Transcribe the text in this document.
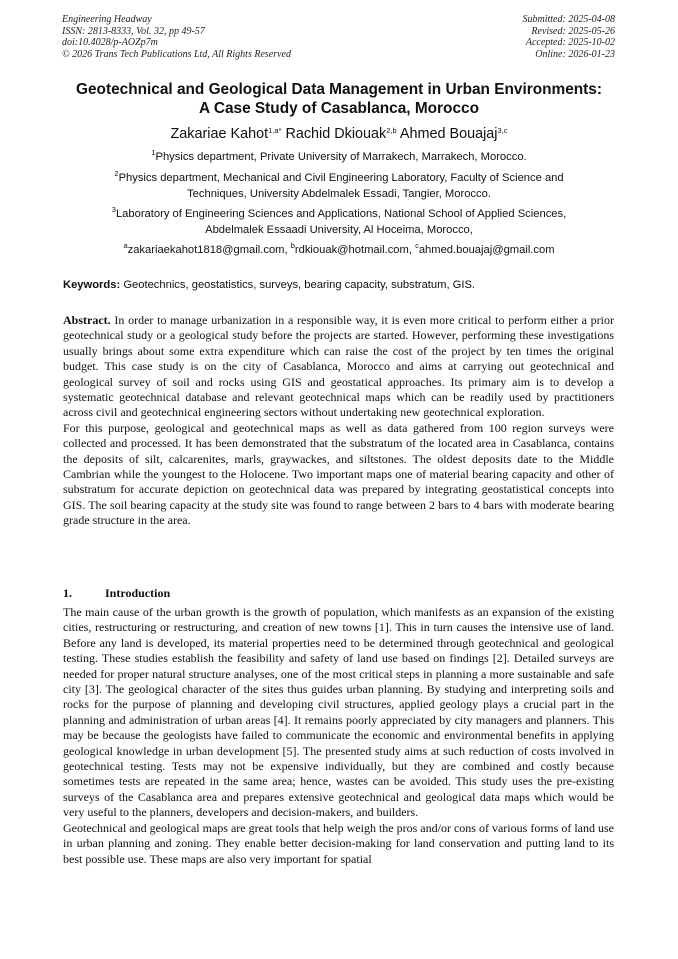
Engineering Headway
ISSN: 2813-8333, Vol. 32, pp 49-57
doi:10.4028/p-AOZp7m
© 2026 Trans Tech Publications Ltd, All Rights Reserved
Submitted: 2025-04-08
Revised: 2025-05-26
Accepted: 2025-10-02
Online: 2026-01-23
Geotechnical and Geological Data Management in Urban Environments:
A Case Study of Casablanca, Morocco
Zakariae Kahot$^{1,a*}$ Rachid Dkiouak$^{2,b}$ Ahmed Bouajaj$^{3,c}$
$^1$Physics department, Private University of Marrakech, Marrakech, Morocco.
$^2$Physics department, Mechanical and Civil Engineering Laboratory, Faculty of Science and
Techniques, University Abdelmalek Essadi, Tangier, Morocco.
$^3$Laboratory of Engineering Sciences and Applications, National School of Applied Sciences,
Abdelmalek Essaadi University, Al Hoceima, Morocco,
$^a$zakariaekahot1818@gmail.com, $^b$rdkiouak@hotmail.com, $^c$ahmed.bouajaj@gmail.com
Keywords: Geotechnics, geostatistics, surveys, bearing capacity, substratum, GIS.

Abstract. In order to manage urbanization in a responsible way, it is even more critical to perform either a prior geotechnical study or a geological study before the projects are started. However, performing these investigations usually brings about some extra expenditure which can raise the cost of the project by ten times the original budget. This case study is on the city of Casablanca, Morocco and aims at carrying out geotechnical and geological survey of soil and rocks using GIS and geostatical approaches. Its primary aim is to develop a systematic geotechnical database and relevant geotechnical maps which can be readily used by practitioners across civil and geotechnical engineering sectors without undertaking new geotechnical exploration.

For this purpose, geological and geotechnical maps as well as data gathered from 100 region surveys were collected and processed. It has been demonstrated that the substratum of the located area in Casablanca, contains the deposits of silt, calcarenites, marls, graywackes, and siltstones. The oldest deposits date to the Middle Cambrian while the youngest to the Holocene. Two important maps one of material bearing capacity and other of substratum for accurate depiction on geotechnical data was prepared by integrating geostatistical concepts into GIS. The soil bearing capacity at the study site was found to range between 2 bars to 4 bars with moderate bearing grade structure in the area.

1.	Introduction

The main cause of the urban growth is the growth of population, which manifests as an expansion of the existing cities, restructuring or restructuring, and creation of new towns [1]. This in turn causes the intensive use of land. Before any land is developed, its material properties need to be determined through geotechnical and geological testing. These studies establish the feasibility and safety of land use based on findings [2]. Detailed surveys are needed for proper natural structure analyses, one of the most critical steps in planning a more sustainable and safe city [3]. The geological character of the sites thus guides urban planning. By studying and interpreting soils and rocks for the purpose of planning and developing civil structures, applied geology plays a crucial part in the planning and administration of urban areas [4]. It remains poorly appreciated by city managers and planners. This may be because the geologists have failed to communicate the economic and environmental benefits in applying geological knowledge in urban development [5]. The presented study aims at such reduction of costs involved in geotechnical testing. Tests may not be expensive individually, but they are combined and costly because sometimes tests are repeated in the same area; hence, wastes can be avoided. This study uses the pre-existing surveys of the Casablanca area and prepares extensive geotechnical and geological data maps which would be very useful to the planners, developers and decision-makers, and builders.

Geotechnical and geological maps are great tools that help weigh the pros and/or cons of various forms of land use in urban planning and zoning. They enable better decision-making for land conservation and putting land to its best possible use. These maps are also very important for spatial
